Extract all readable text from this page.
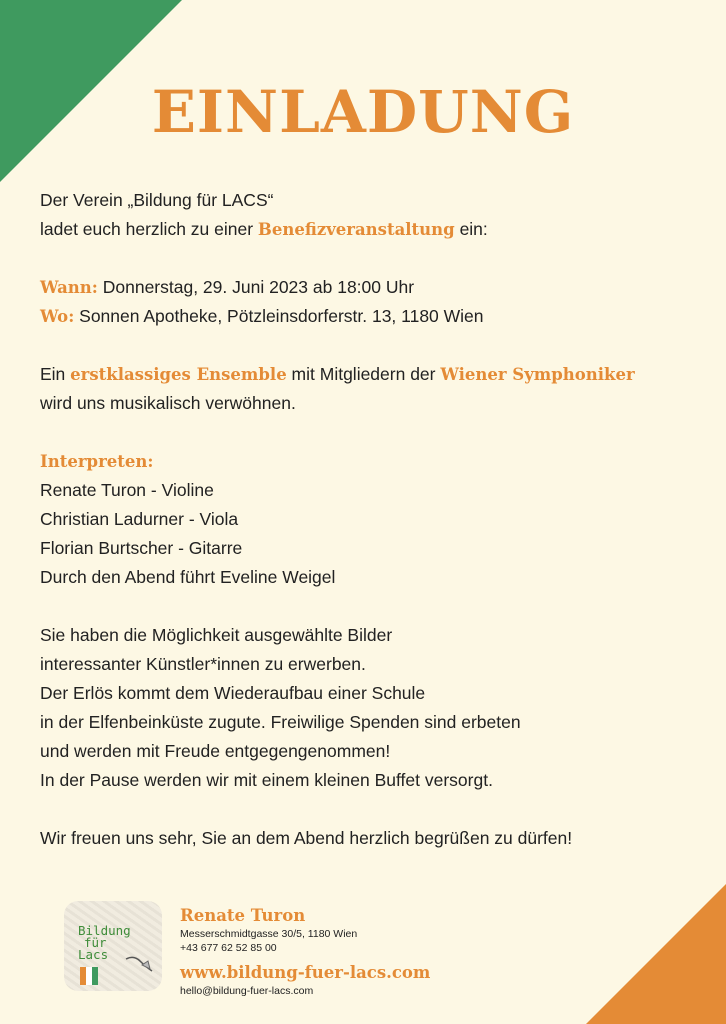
EINLADUNG
Der Verein „Bildung für LACS“
ladet euch herzlich zu einer Benefizveranstaltung ein:
Wann: Donnerstag, 29. Juni 2023 ab 18:00 Uhr
Wo: Sonnen Apotheke, Pötzleinsdorferstr. 13, 1180 Wien
Ein erstklassiges Ensemble mit Mitgliedern der Wiener Symphoniker
wird uns musikalisch verwöhnen.
Interpreten:
Renate Turon - Violine
Christian Ladurner - Viola
Florian Burtscher - Gitarre
Durch den Abend führt Eveline Weigel
Sie haben die Möglichkeit ausgewählte Bilder
interessanter Künstler*innen zu erwerben.
Der Erlös kommt dem Wiederaufbau einer Schule
in der Elfenbeinküste zugute. Freiwilige Spenden sind erbeten
und werden mit Freude entgegengenommen!
In der Pause werden wir mit einem kleinen Buffet versorgt.
Wir freuen uns sehr, Sie an dem Abend herzlich begrüßen zu dürfen!
Bildung
für
Lacs
Renate Turon
Messerschmidtgasse 30/5, 1180 Wien
+43 677 62 52 85 00
www.bildung-fuer-lacs.com
hello@bildung-fuer-lacs.com
